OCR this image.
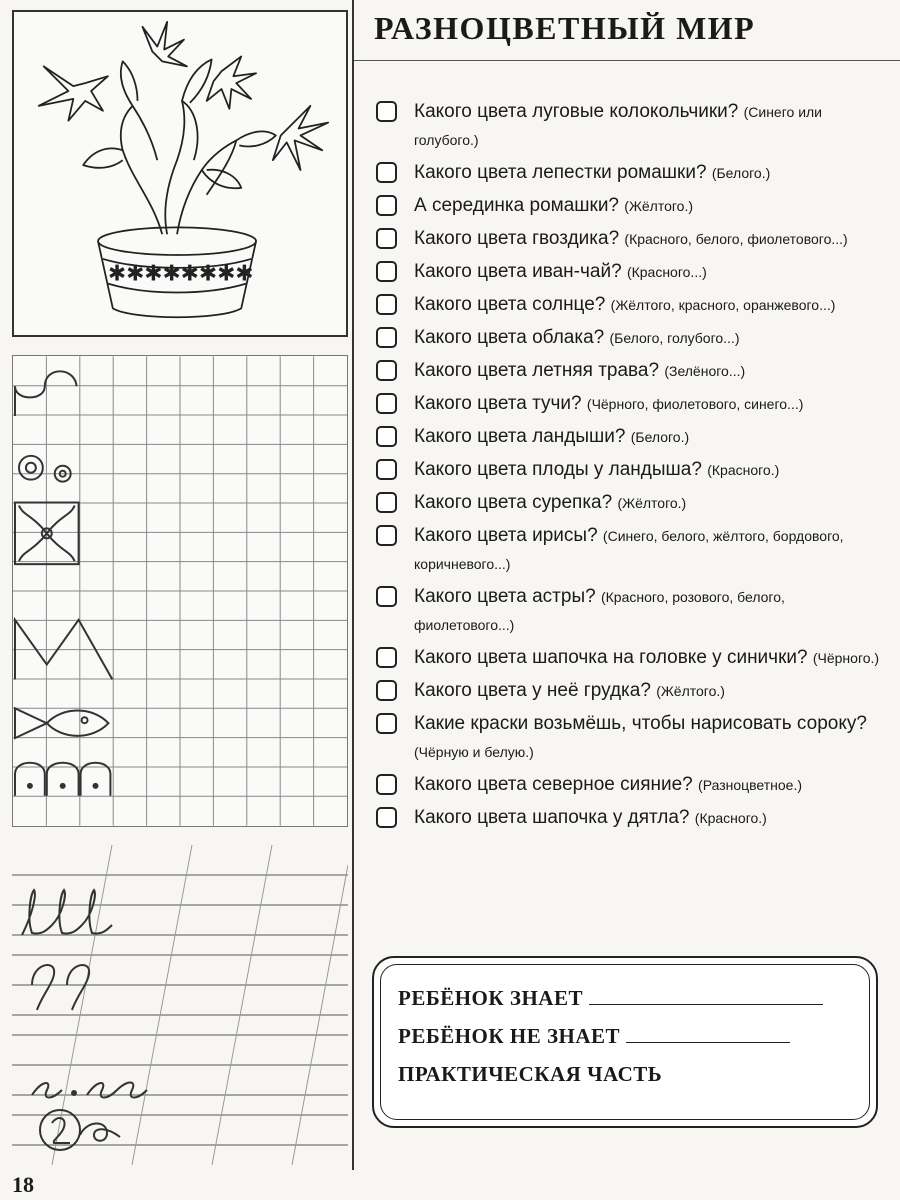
✱✱✱✱✱✱✱✱
18
РАЗНОЦВЕТНЫЙ МИР
Какого цвета луговые колокольчики? (Синего или голубого.)
Какого цвета лепестки ромашки? (Белого.)
А серединка ромашки? (Жёлтого.)
Какого цвета гвоздика? (Красного, белого, фиолетового...)
Какого цвета иван-чай? (Красного...)
Какого цвета солнце? (Жёлтого, красного, оранжевого...)
Какого цвета облака? (Белого, голубого...)
Какого цвета летняя трава? (Зелёного...)
Какого цвета тучи? (Чёрного, фиолетового, синего...)
Какого цвета ландыши? (Белого.)
Какого цвета плоды у ландыша? (Красного.)
Какого цвета сурепка? (Жёлтого.)
Какого цвета ирисы? (Синего, белого, жёлтого, бордового, коричневого...)
Какого цвета астры? (Красного, розового, белого, фиолетового...)
Какого цвета шапочка на головке у синички? (Чёрного.)
Какого цвета у неё грудка? (Жёлтого.)
Какие краски возьмёшь, чтобы нарисовать сороку? (Чёрную и белую.)
Какого цвета северное сияние? (Разноцветное.)
Какого цвета шапочка у дятла? (Красного.)
РЕБЁНОК ЗНАЕТ
РЕБЁНОК НЕ ЗНАЕТ
ПРАКТИЧЕСКАЯ ЧАСТЬ
